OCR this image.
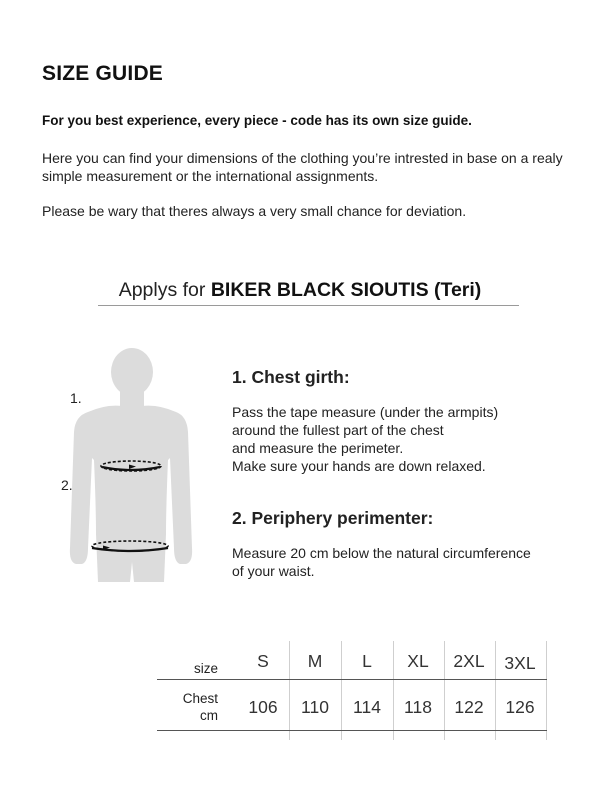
SIZE GUIDE
For you best experience, every piece - code has its own size guide.
Here you can find your dimensions of the clothing you’re intrested in base on a realy simple measurement or the international assignments.
Please be wary that theres always a very small chance for deviation.
Applys for BIKER BLACK SIOUTIS (Teri)
1.
2.
1. Chest girth:
Pass the tape measure (under the armpits)
around the fullest part of the chest
and measure the perimeter.
Make sure your hands are down relaxed.
2. Periphery perimenter:
Measure 20 cm below the natural circumference
of your waist.
size	S	M	L	XL	2XL	3XL
Chest
cm	106	110	114	118	122	126
